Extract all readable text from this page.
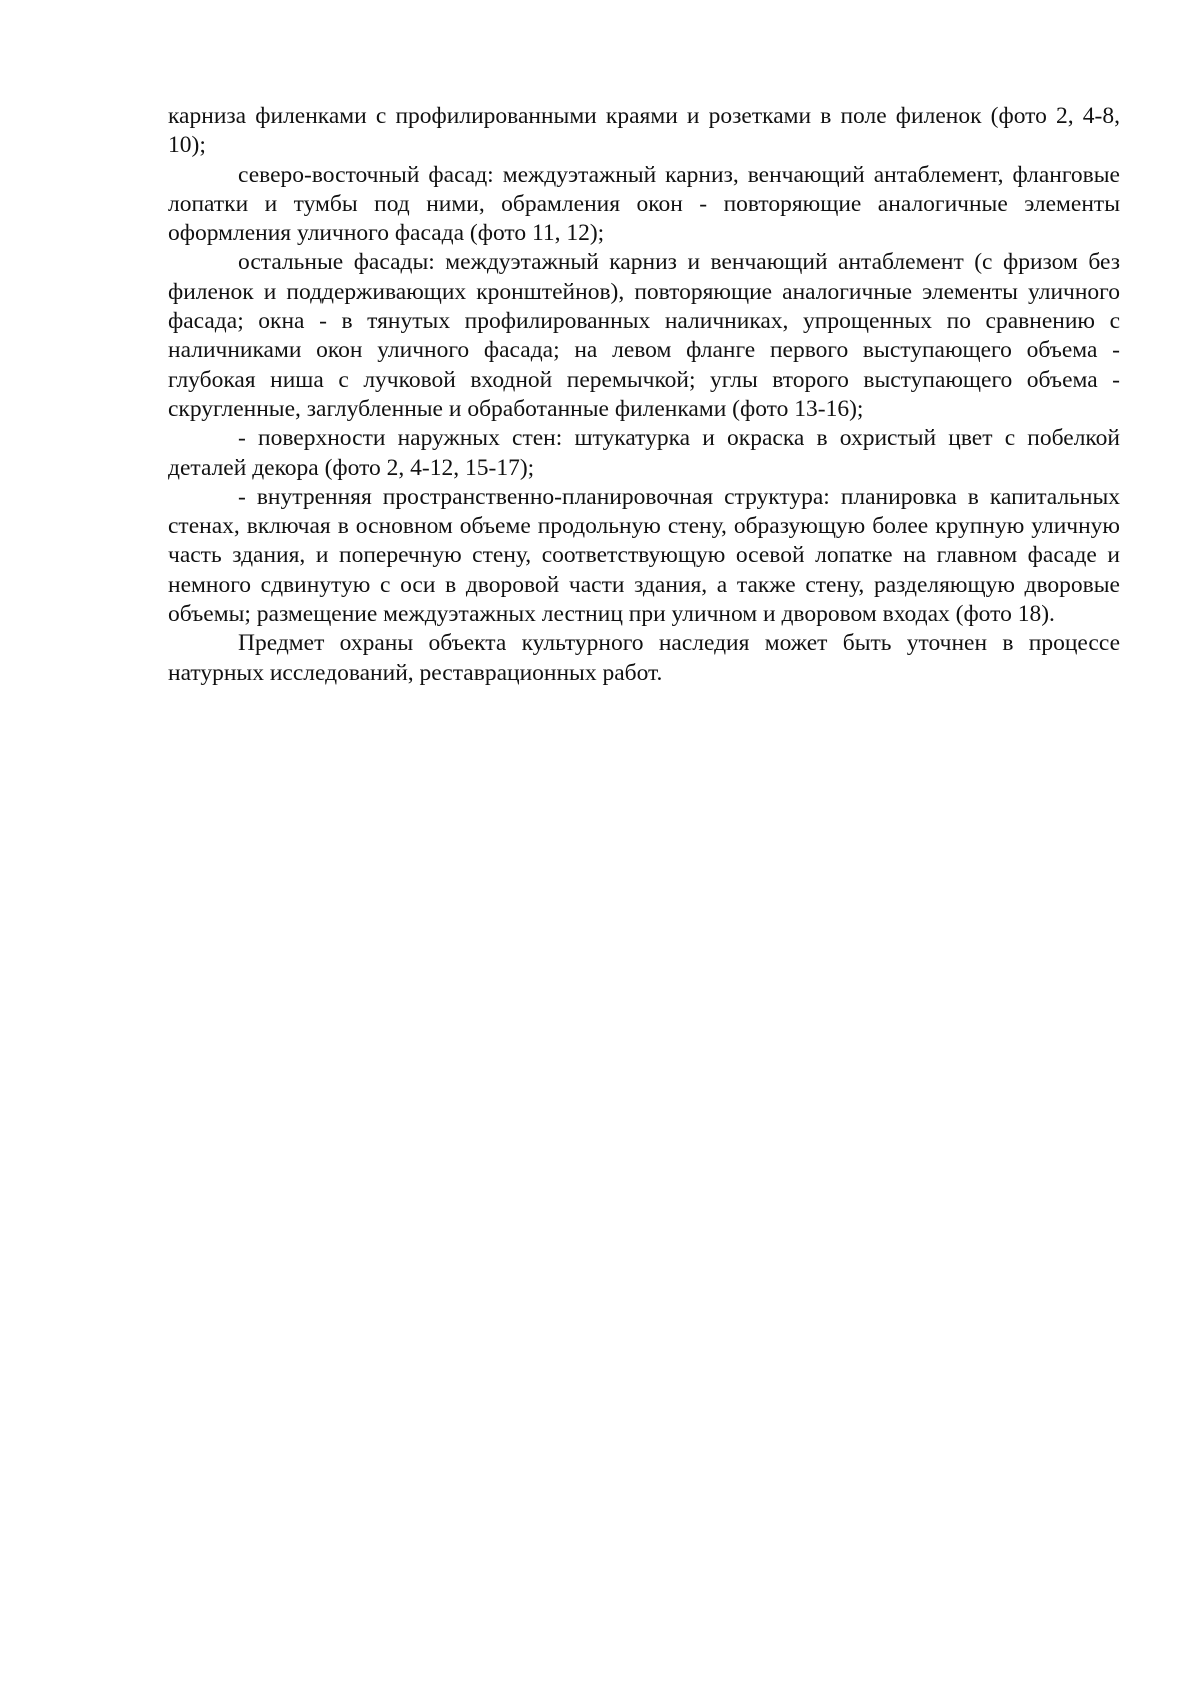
карниза филенками с профилированными краями и розетками в поле филенок (фото 2, 4-8, 10);

северо-восточный фасад: междуэтажный карниз, венчающий антаблемент, фланговые лопатки и тумбы под ними, обрамления окон - повторяющие аналогичные элементы оформления уличного фасада (фото 11, 12);

остальные фасады: междуэтажный карниз и венчающий антаблемент (с фризом без филенок и поддерживающих кронштейнов), повторяющие аналогичные элементы уличного фасада; окна - в тянутых профилированных наличниках, упрощенных по сравнению с наличниками окон уличного фасада; на левом фланге первого выступающего объема - глубокая ниша с лучковой входной перемычкой; углы второго выступающего объема - скругленные, заглубленные и обработанные филенками (фото 13-16);

- поверхности наружных стен: штукатурка и окраска в охристый цвет с побелкой деталей декора (фото 2, 4-12, 15-17);

- внутренняя пространственно-планировочная структура: планировка в капитальных стенах, включая в основном объеме продольную стену, образующую более крупную уличную часть здания, и поперечную стену, соответствующую осевой лопатке на главном фасаде и немного сдвинутую с оси в дворовой части здания, а также стену, разделяющую дворовые объемы; размещение междуэтажных лестниц при уличном и дворовом входах (фото 18).

Предмет охраны объекта культурного наследия может быть уточнен в процессе натурных исследований, реставрационных работ.
